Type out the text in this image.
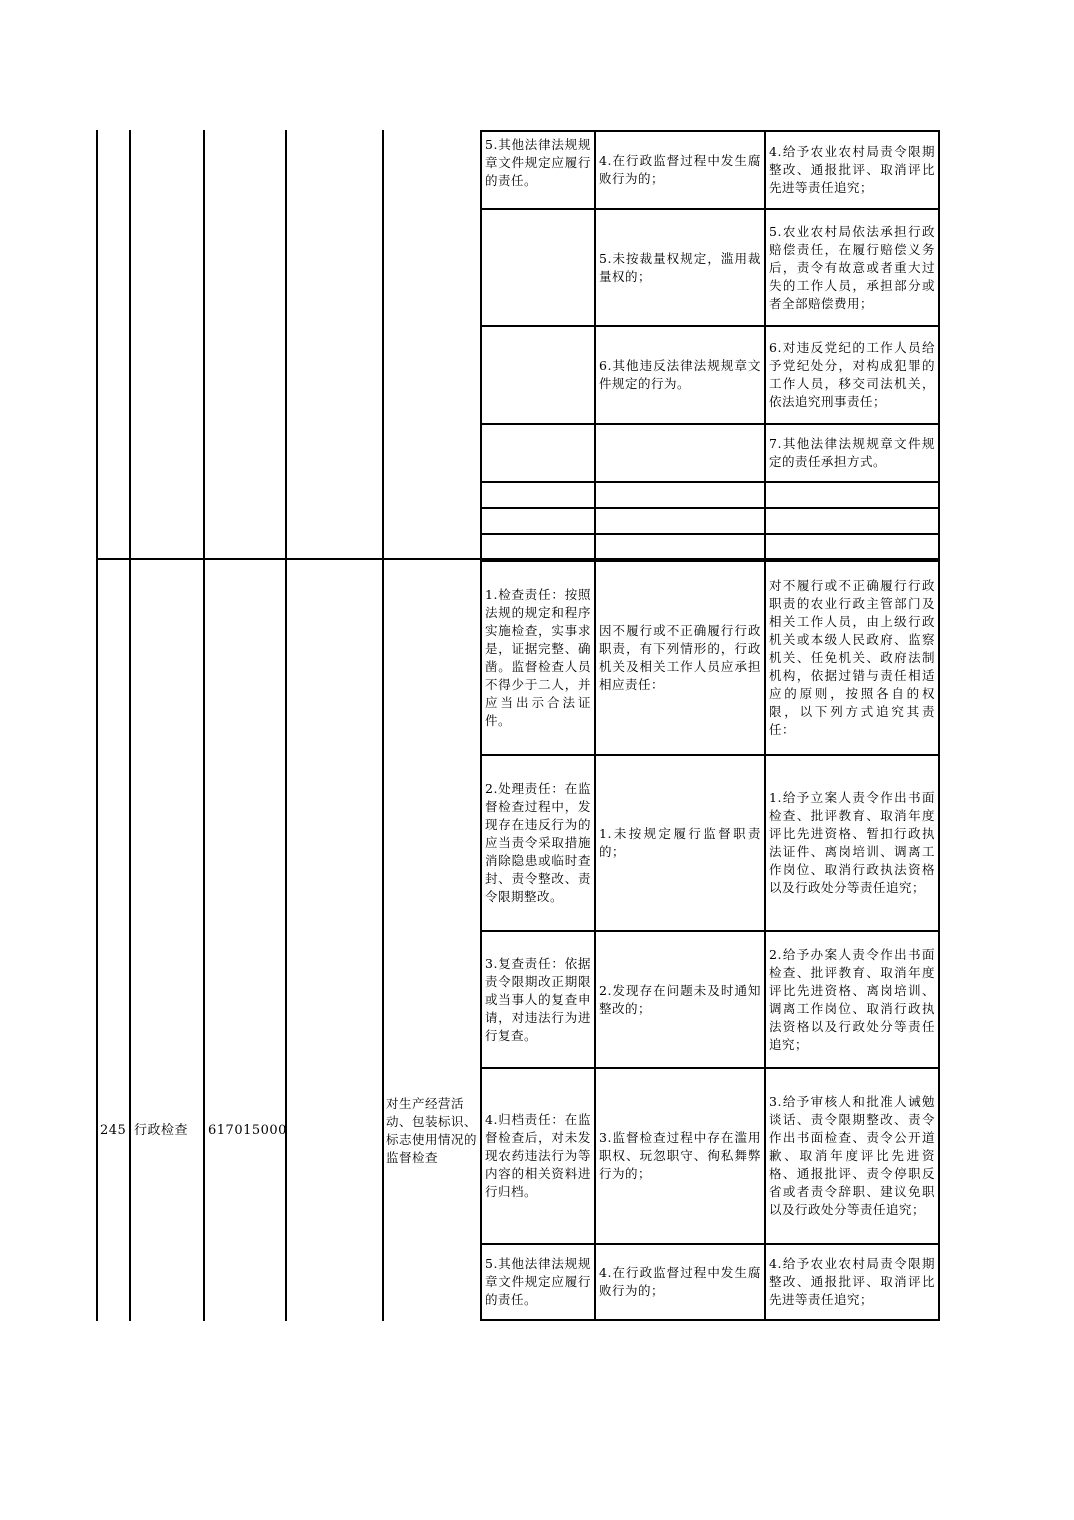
245 行政检查	617015000
对生产经营活动、包装标识、标志使用情况的监督检查
5.其他法律法规规章文件规定应履行的责任。
4.在行政监督过程中发生腐败行为的；
4.给予农业农村局责令限期整改、通报批评、取消评比先进等责任追究；
5.未按裁量权规定，滥用裁量权的；
5.农业农村局依法承担行政赔偿责任，在履行赔偿义务后，责令有故意或者重大过失的工作人员，承担部分或者全部赔偿费用；
6.其他违反法律法规规章文件规定的行为。
6.对违反党纪的工作人员给予党纪处分，对构成犯罪的工作人员，移交司法机关，依法追究刑事责任；
7.其他法律法规规章文件规定的责任承担方式。
1.检查责任：按照法规的规定和程序实施检查，实事求是，证据完整、确凿。监督检查人员不得少于二人，并应当出示合法证件。
因不履行或不正确履行行政职责，有下列情形的，行政机关及相关工作人员应承担相应责任：
对不履行或不正确履行行政职责的农业行政主管部门及相关工作人员，由上级行政机关或本级人民政府、监察机关、任免机关、政府法制机构，依据过错与责任相适应的原则，按照各自的权限，以下列方式追究其责任：
2.处理责任：在监督检查过程中，发现存在违反行为的应当责令采取措施消除隐患或临时查封、责令整改、责令限期整改。
1.未按规定履行监督职责的；
1.给予立案人责令作出书面检查、批评教育、取消年度评比先进资格、暂扣行政执法证件、离岗培训、调离工作岗位、取消行政执法资格以及行政处分等责任追究；
3.复查责任：依据责令限期改正期限或当事人的复查申请，对违法行为进行复查。
2.发现存在问题未及时通知整改的；
2.给予办案人责令作出书面检查、批评教育、取消年度评比先进资格、离岗培训、调离工作岗位、取消行政执法资格以及行政处分等责任追究；
4.归档责任：在监督检查后，对未发现农药违法行为等内容的相关资料进行归档。
3.监督检查过程中存在滥用职权、玩忽职守、徇私舞弊行为的；
3.给予审核人和批准人诫勉谈话、责令限期整改、责令作出书面检查、责令公开道歉、取消年度评比先进资格、通报批评、责令停职反省或者责令辞职、建议免职以及行政处分等责任追究；
5.其他法律法规规章文件规定应履行的责任。
4.在行政监督过程中发生腐败行为的；
4.给予农业农村局责令限期整改、通报批评、取消评比先进等责任追究；
